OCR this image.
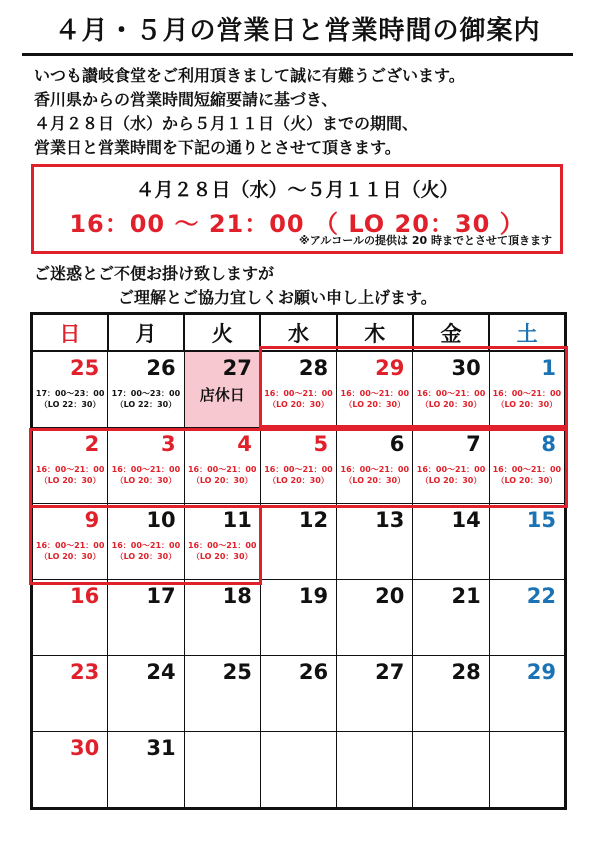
４月・５月の営業日と営業時間の御案内
いつも讃岐食堂をご利用頂きまして誠に有難うございます。
香川県からの営業時間短縮要請に基づき、
４月２８日（水）から５月１１日（火）までの期間、
営業日と営業時間を下記の通りとさせて頂きます。
４月２８日（水）～５月１１日（火）
16：00 ～ 21：00 （ LO 20：30 ）
※アルコールの提供は 20 時までとさせて頂きます
ご迷惑とご不便お掛け致しますが
ご理解とご協力宜しくお願い申し上げます。
日	月	火	水	木	金	土

25
17：00～23：00
（LO 22：30）	26
17：00～23：00
（LO 22：30）	27
店休日	28
16：00～21：00
（LO 20：30）	29
16：00～21：00
（LO 20：30）	30
16：00～21：00
（LO 20：30）	1
16：00～21：00
（LO 20：30）

2
16：00～21：00
（LO 20：30）	3
16：00～21：00
（LO 20：30）	4
16：00～21：00
（LO 20：30）	5
16：00～21：00
（LO 20：30）	6
16：00～21：00
（LO 20：30）	7
16：00～21：00
（LO 20：30）	8
16：00～21：00
（LO 20：30）

9
16：00～21：00
（LO 20：30）	10
16：00～21：00
（LO 20：30）	11
16：00～21：00
（LO 20：30）	12	13	14	15

16	17	18	19	20	21	22

23	24	25	26	27	28	29

30	31					
